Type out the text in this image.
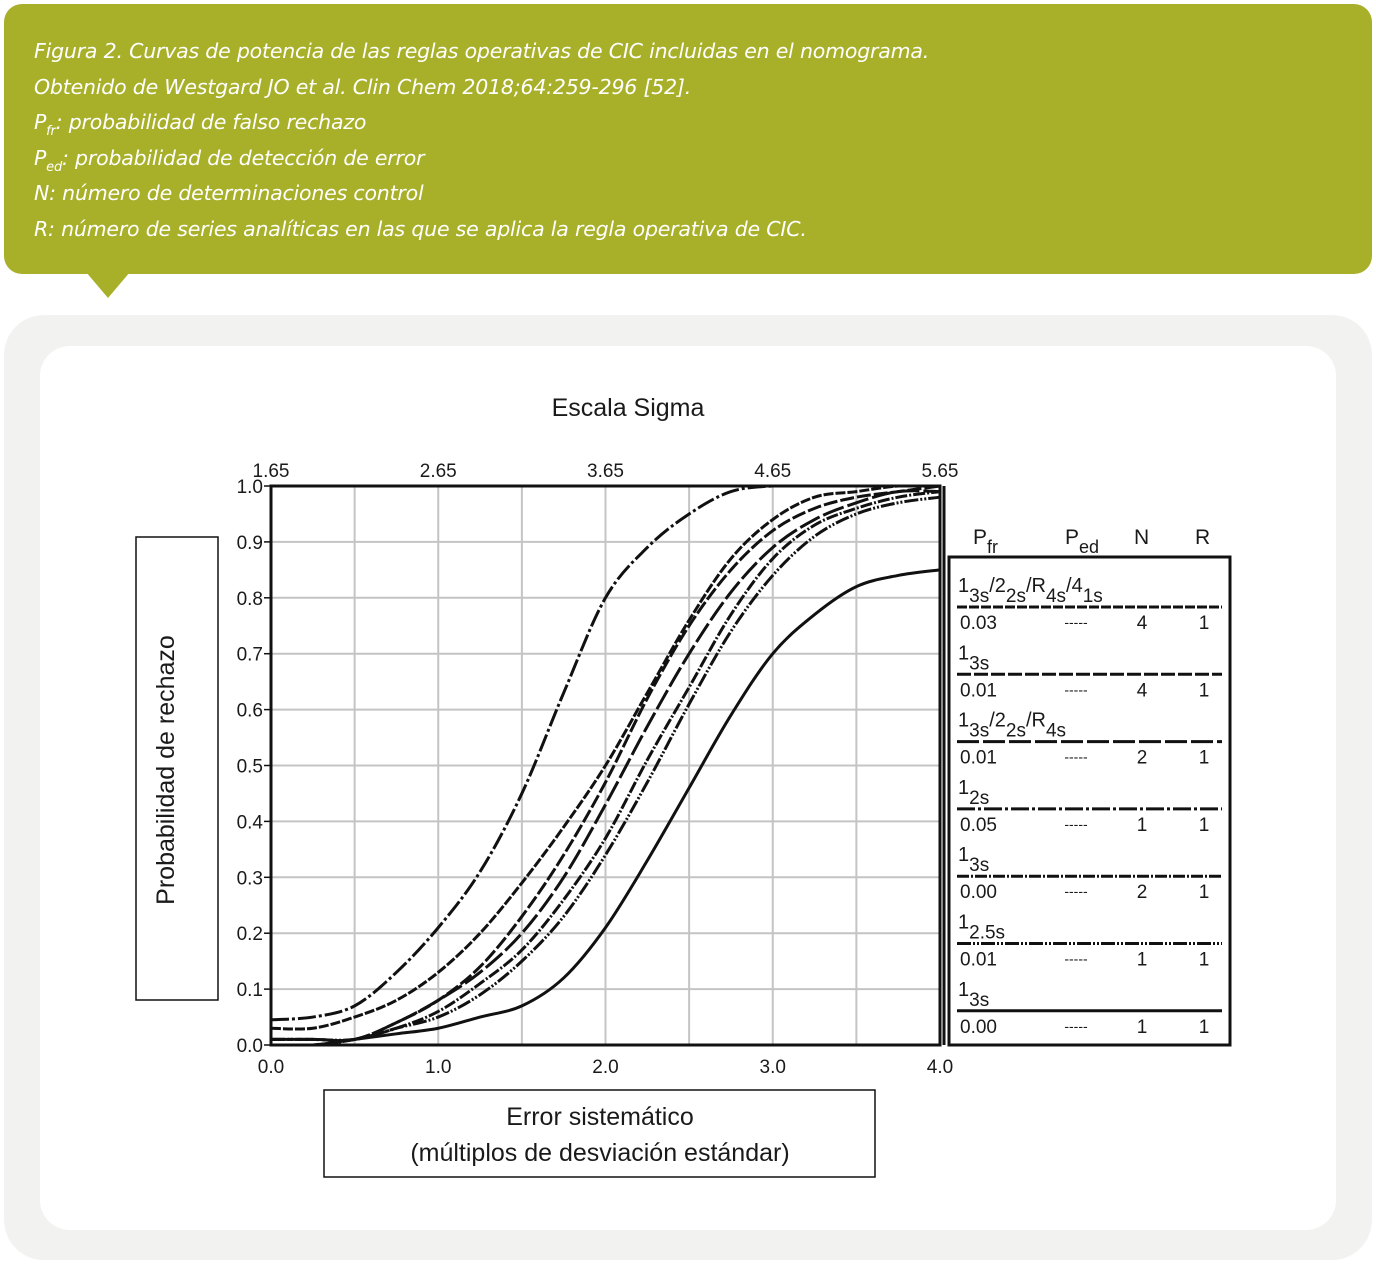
Figura 2. Curvas de potencia de las reglas operativas de CIC incluidas en el nomograma.
Obtenido de Westgard JO et al. Clin Chem 2018;64:259-296 [52].
$P_{fr}$: probabilidad de falso rechazo
$P_{ed}$: probabilidad de detección de error
N: número de determinaciones control
R: número de series analíticas en las que se aplica la regla operativa de CIC.
Escala Sigma
1.65	2.65	3.65	4.65	5.65
0.0
0.1
0.2
0.3
0.4
0.5
0.6
0.7
0.8
0.9
1.0
0.0	1.0	2.0	3.0	4.0
Probabilidad de rechazo
Error sistemático
(múltiplos de desviación estándar)
Pfr	Ped N R
13s/22s/R4s/41s
0.03	-----	4	1
13s
0.01	-----	4	1
13s/22s/R4s
0.01	-----	2	1
12s
0.05	-----	1	1
13s
0.00	-----	2	1
12.5s
0.01	-----	1	1
13s
0.00	-----	1	1
